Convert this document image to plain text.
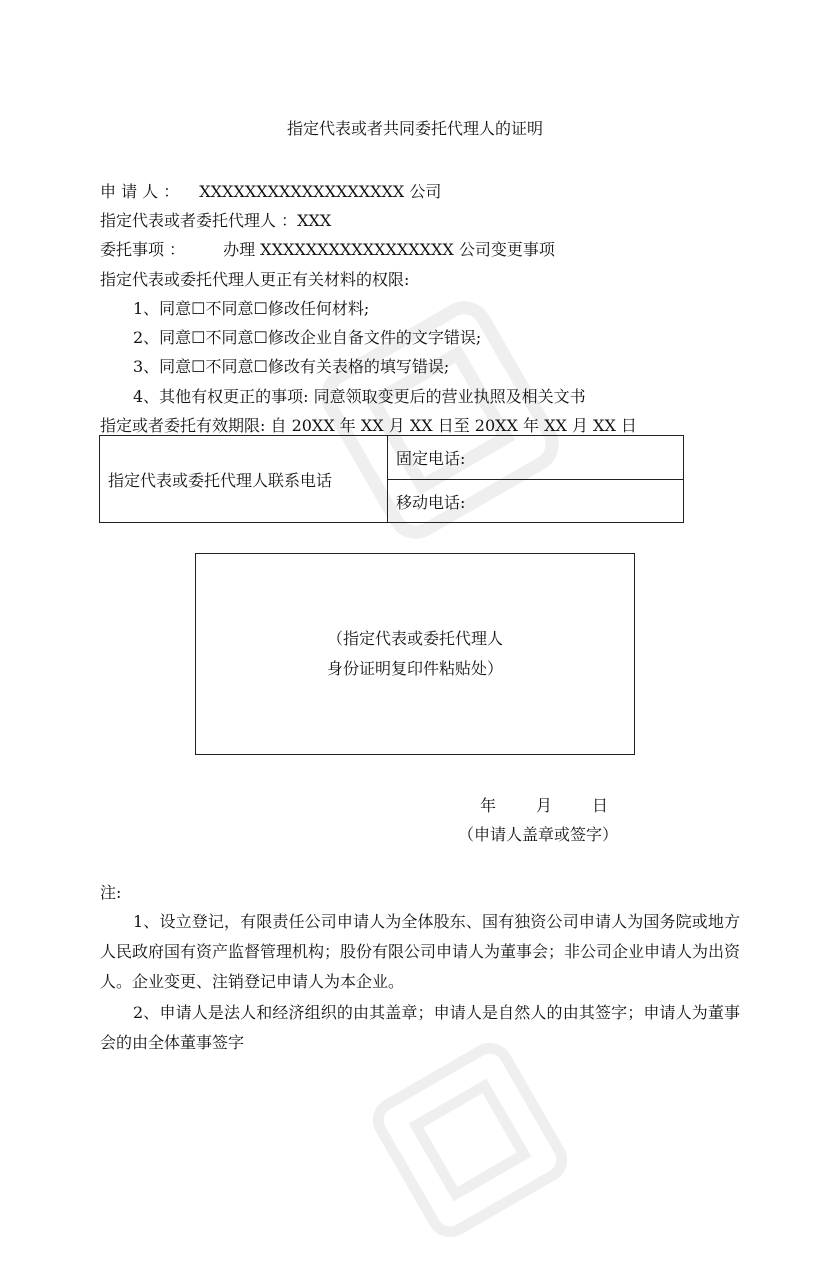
指定代表或者共同委托代理人的证明
申 请 人 ： XXXXXXXXXXXXXXXXXX 公司
指定代表或者委托代理人 ：XXX
委托事项 ： 办理 XXXXXXXXXXXXXXXXX 公司变更事项
指定代表或委托代理人更正有关材料的权限:
1、同意☐不同意☐修改任何材料;
2、同意☐不同意☐修改企业自备文件的文字错误;
3、同意☐不同意☐修改有关表格的填写错误;
4、其他有权更正的事项: 同意领取变更后的营业执照及相关文书
指定或者委托有效期限: 自 20XX 年 XX 月 XX 日至 20XX 年 XX 月 XX 日
指定代表或委托代理人联系电话
固定电话:
移动电话:
（指定代表或委托代理人
身份证明复印件粘贴处）
年	月	日
（申请人盖章或签字）
注:
1、设立登记，有限责任公司申请人为全体股东、国有独资公司申请人为国务院或地方人民政府国有资产监督管理机构；股份有限公司申请人为董事会；非公司企业申请人为出资人。企业变更、注销登记申请人为本企业。
2、申请人是法人和经济组织的由其盖章；申请人是自然人的由其签字；申请人为董事会的由全体董事签字
